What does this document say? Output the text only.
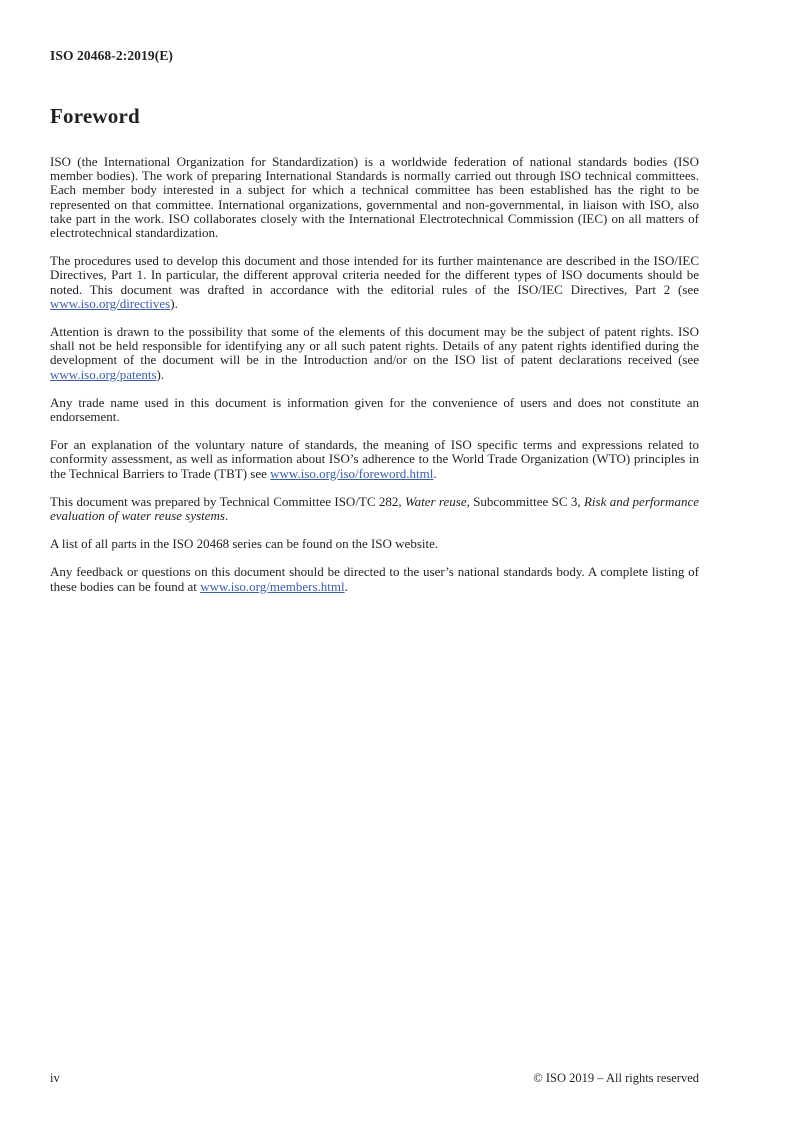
ISO 20468-2:2019(E)
Foreword

ISO (the International Organization for Standardization) is a worldwide federation of national standards bodies (ISO member bodies). The work of preparing International Standards is normally carried out through ISO technical committees. Each member body interested in a subject for which a technical committee has been established has the right to be represented on that committee. International organizations, governmental and non-governmental, in liaison with ISO, also take part in the work. ISO collaborates closely with the International Electrotechnical Commission (IEC) on all matters of electrotechnical standardization.

The procedures used to develop this document and those intended for its further maintenance are described in the ISO/IEC Directives, Part 1. In particular, the different approval criteria needed for the different types of ISO documents should be noted. This document was drafted in accordance with the editorial rules of the ISO/IEC Directives, Part 2 (see www.iso.org/directives).

Attention is drawn to the possibility that some of the elements of this document may be the subject of patent rights. ISO shall not be held responsible for identifying any or all such patent rights. Details of any patent rights identified during the development of the document will be in the Introduction and/or on the ISO list of patent declarations received (see www.iso.org/patents).

Any trade name used in this document is information given for the convenience of users and does not constitute an endorsement.

For an explanation of the voluntary nature of standards, the meaning of ISO specific terms and expressions related to conformity assessment, as well as information about ISO’s adherence to the World Trade Organization (WTO) principles in the Technical Barriers to Trade (TBT) see www.iso.org/iso/foreword.html.

This document was prepared by Technical Committee ISO/TC 282, Water reuse, Subcommittee SC 3, Risk and performance evaluation of water reuse systems.

A list of all parts in the ISO 20468 series can be found on the ISO website.

Any feedback or questions on this document should be directed to the user’s national standards body. A complete listing of these bodies can be found at www.iso.org/members.html.

iv	© ISO 2019 – All rights reserved
